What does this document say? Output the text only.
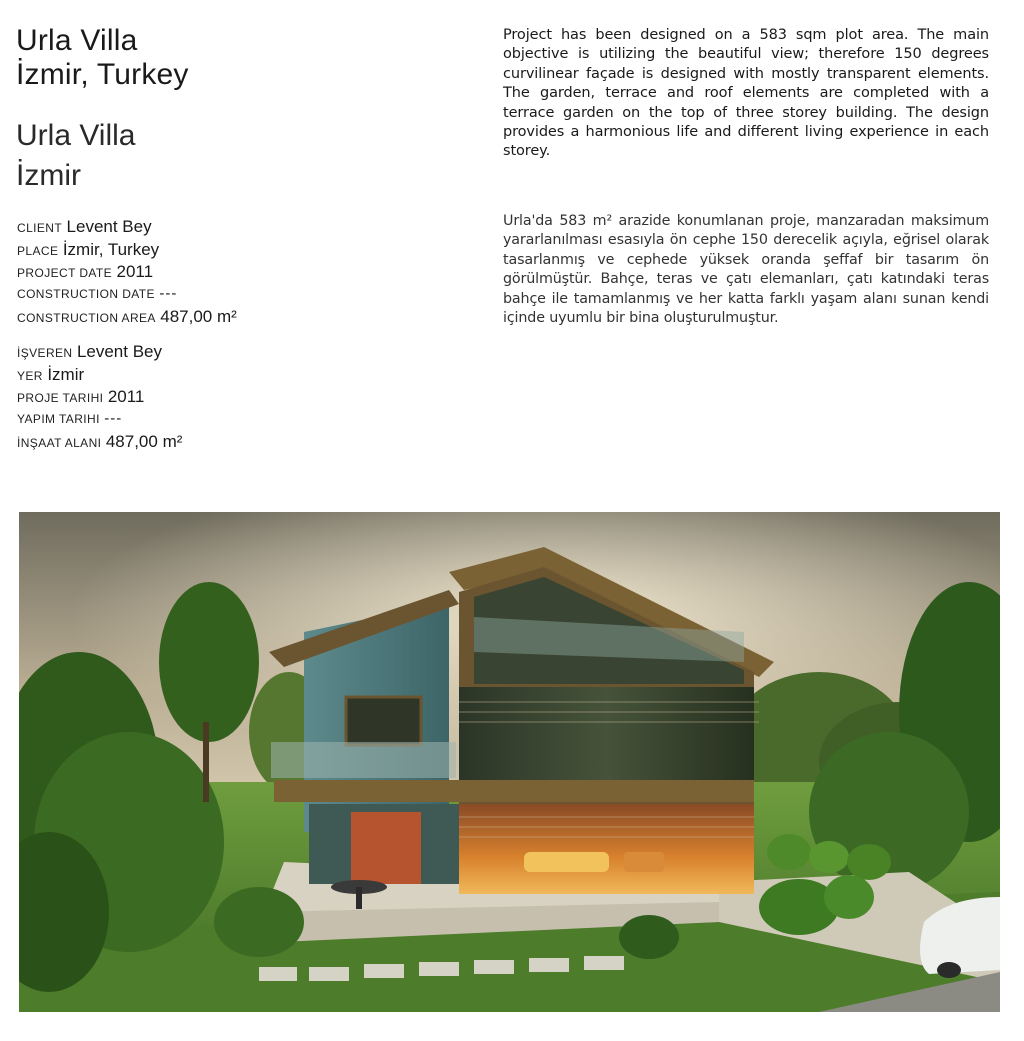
Urla Villa
İzmir, Turkey
Urla Villa
İzmir
CLIENT Levent Bey
PLACE İzmir, Turkey
PROJECT DATE 2011
CONSTRUCTION DATE ---
CONSTRUCTION AREA 487,00 m²
İŞVEREN Levent Bey
YER İzmir
PROJE TARIHI 2011
YAPIM TARIHI ---
İNŞAAT ALANI 487,00 m²
Project has been designed on a 583 sqm plot area. The main objective is utilizing the beautiful view; therefore 150 degrees curvilinear façade is designed with mostly transparent elements. The garden, terrace and roof elements are completed with a terrace garden on the top of three storey building. The design provides a harmonious life and different living experience in each storey.
Urla'da 583 m² arazide konumlanan proje, manzaradan maksimum yararlanılması esasıyla ön cephe 150 derecelik açıyla, eğrisel olarak tasarlanmış ve cephede yüksek oranda şeffaf bir tasarım ön görülmüştür. Bahçe, teras ve çatı elemanları, çatı katındaki teras bahçe ile tamamlanmış ve her katta farklı yaşam alanı sunan kendi içinde uyumlu bir bina oluşturulmuştur.
